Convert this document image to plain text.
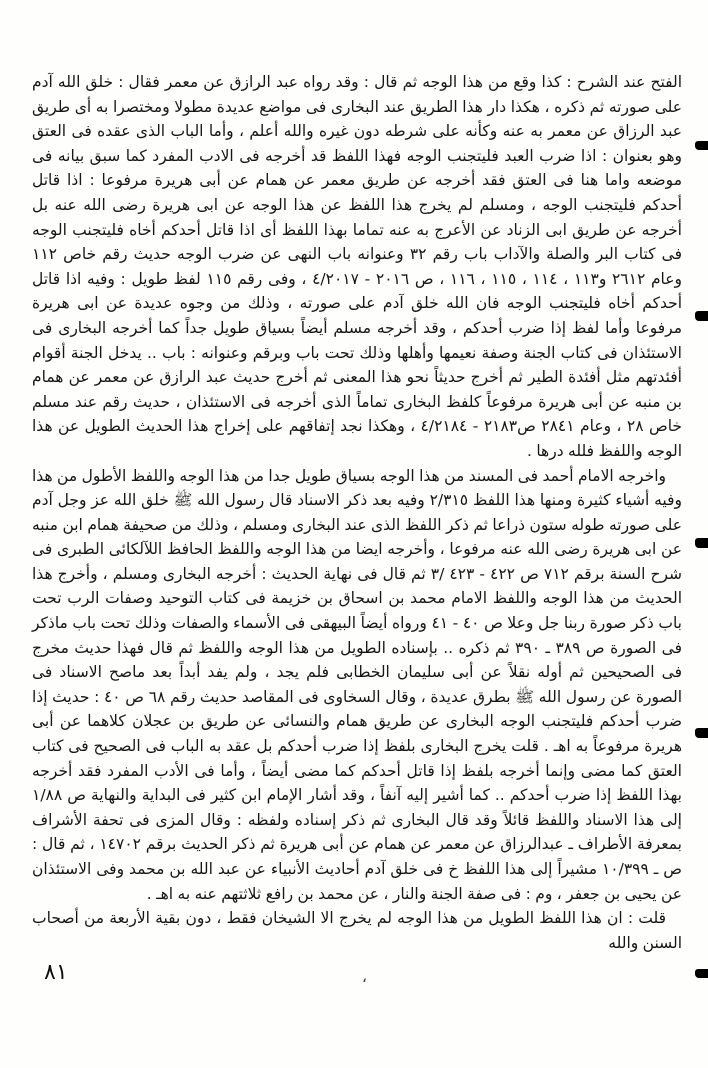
الفتح عند الشرح : كذا وقع من هذا الوجه ثم قال : وقد رواه عبد الرازق عن معمر فقال : خلق الله آدم على صورته ثم ذكره ، هكذا دار هذا الطريق عند البخارى فى مواضع عديدة مطولا ومختصرا به أى طريق عبد الرزاق عن معمر به عنه وكأنه على شرطه دون غيره والله أعلم ، وأما الباب الذى عقده فى العتق وهو بعنوان : اذا ضرب العبد فليتجنب الوجه فهذا اللفظ قد أخرجه فى الادب المفرد كما سبق بيانه فى موضعه واما هنا فى العتق فقد أخرجه عن طريق معمر عن همام عن أبى هريرة مرفوعا : اذا قاتل أحدكم فليتجنب الوجه ، ومسلم لم يخرج هذا اللفظ عن هذا الوجه عن ابى هريرة رضى الله عنه بل أخرجه عن طريق ابى الزناد عن الأعرج به عنه تماما بهذا اللفظ أى اذا قاتل أحدكم أخاه فليتجنب الوجه فى كتاب البر والصلة والآداب باب رقم ٣٢ وعنوانه باب النهى عن ضرب الوجه حديث رقم خاص ١١٢ وعام ٢٦١٢ و١١٣ ، ١١٤ ، ١١٥ ، ١١٦ ، ص ٢٠١٦ - ٤/٢٠١٧ ، وفى رقم ١١٥ لفظ طويل : وفيه اذا قاتل أحدكم أخاه فليتجنب الوجه فان الله خلق آدم على صورته ، وذلك من وجوه عديدة عن ابى هريرة مرفوعا وأما لفظ إذا ضرب أحدكم ، وقد أخرجه مسلم أيضاً بسياق طويل جداً كما أخرجه البخارى فى الاستئذان فى كتاب الجنة وصفة نعيمها وأهلها وذلك تحت باب وبرقم وعنوانه : باب .. يدخل الجنة أقوام أفئدتهم مثل أفئدة الطير ثم أخرج حديثاً نحو هذا المعنى ثم أخرج حديث عبد الرازق عن معمر عن همام بن منبه عن أبى هريرة مرفوعاً كلفظ البخارى تماماً الذى أخرجه فى الاستئذان ، حديث رقم عند مسلم خاص ٢٨ ، وعام ٢٨٤١ ص٢١٨٣ - ٤/٢١٨٤ ، وهكذا نجد إتفاقهم على إخراج هذا الحديث الطويل عن هذا الوجه واللفظ فلله درها .

واخرجه الامام أحمد فى المسند من هذا الوجه بسياق طويل جدا من هذا الوجه واللفظ الأطول من هذا وفيه أشياء كثيرة ومنها هذا اللفظ ٢/٣١٥ وفيه بعد ذكر الاسناد قال رسول الله ﷺ خلق الله عز وجل آدم على صورته طوله ستون ذراعا ثم ذكر اللفظ الذى عند البخارى ومسلم ، وذلك من صحيفة همام ابن منبه عن ابى هريرة رضى الله عنه مرفوعا ، وأخرجه ايضا من هذا الوجه واللفظ الحافظ اللآلكائى الطبرى فى شرح السنة برقم ٧١٢ ص ٤٢٢ - ٤٢٣ /٣ ثم قال فى نهاية الحديث : أخرجه البخارى ومسلم ، وأخرج هذا الحديث من هذا الوجه واللفظ الامام محمد بن اسحاق بن خزيمة فى كتاب التوحيد وصفات الرب تحت باب ذكر صورة ربنا جل وعلا ص ٤٠ - ٤١ ورواه أيضاً البيهقى فى الأسماء والصفات وذلك تحت باب ماذكر فى الصورة ص ٣٨٩ ـ ٣٩٠ ثم ذكره .. بإسناده الطويل من هذا الوجه واللفظ ثم قال فهذا حديث مخرج فى الصحيحين ثم أوله نقلاً عن أبى سليمان الخطابى فلم يجد ، ولم يفد أبداً بعد ماصح الاسناد فى الصورة عن رسول الله ﷺ بطرق عديدة ، وقال السخاوى فى المقاصد حديث رقم ٦٨ ص ٤٠ : حديث إذا ضرب أحدكم فليتجنب الوجه البخارى عن طريق همام والنسائى عن طريق بن عجلان كلاهما عن أبى هريرة مرفوعاً به اهـ . قلت يخرج البخارى بلفظ إذا ضرب أحدكم بل عقد به الباب فى الصحيح فى كتاب العتق كما مضى وإنما أخرجه بلفظ إذا قاتل أحدكم كما مضى أيضاً ، وأما فى الأدب المفرد فقد أخرجه بهذا اللفظ إذا ضرب أحدكم .. كما أشير إليه آنفاً ، وقد أشار الإمام ابن كثير فى البداية والنهاية ص ١/٨٨ إلى هذا الاسناد واللفظ قائلاً وقد قال البخارى ثم ذكر إسناده ولفظه : وقال المزى فى تحفة الأشراف بمعرفة الأطراف ـ عبدالرزاق عن معمر عن همام عن أبى هريرة ثم ذكر الحديث برقم ١٤٧٠٢ ، ثم قال : ص ـ ١٠/٣٩٩ مشيراً إلى هذا اللفظ خ فى خلق آدم أحاديث الأنبياء عن عبد الله بن محمد وفى الاستئذان عن يحيى بن جعفر ، وم : فى صفة الجنة والنار ، عن محمد بن رافع ثلاثتهم عنه به اهـ .

قلت : ان هذا اللفظ الطويل من هذا الوجه لم يخرج الا الشيخان فقط ، دون بقية الأربعة من أصحاب السنن والله

٨١	،
